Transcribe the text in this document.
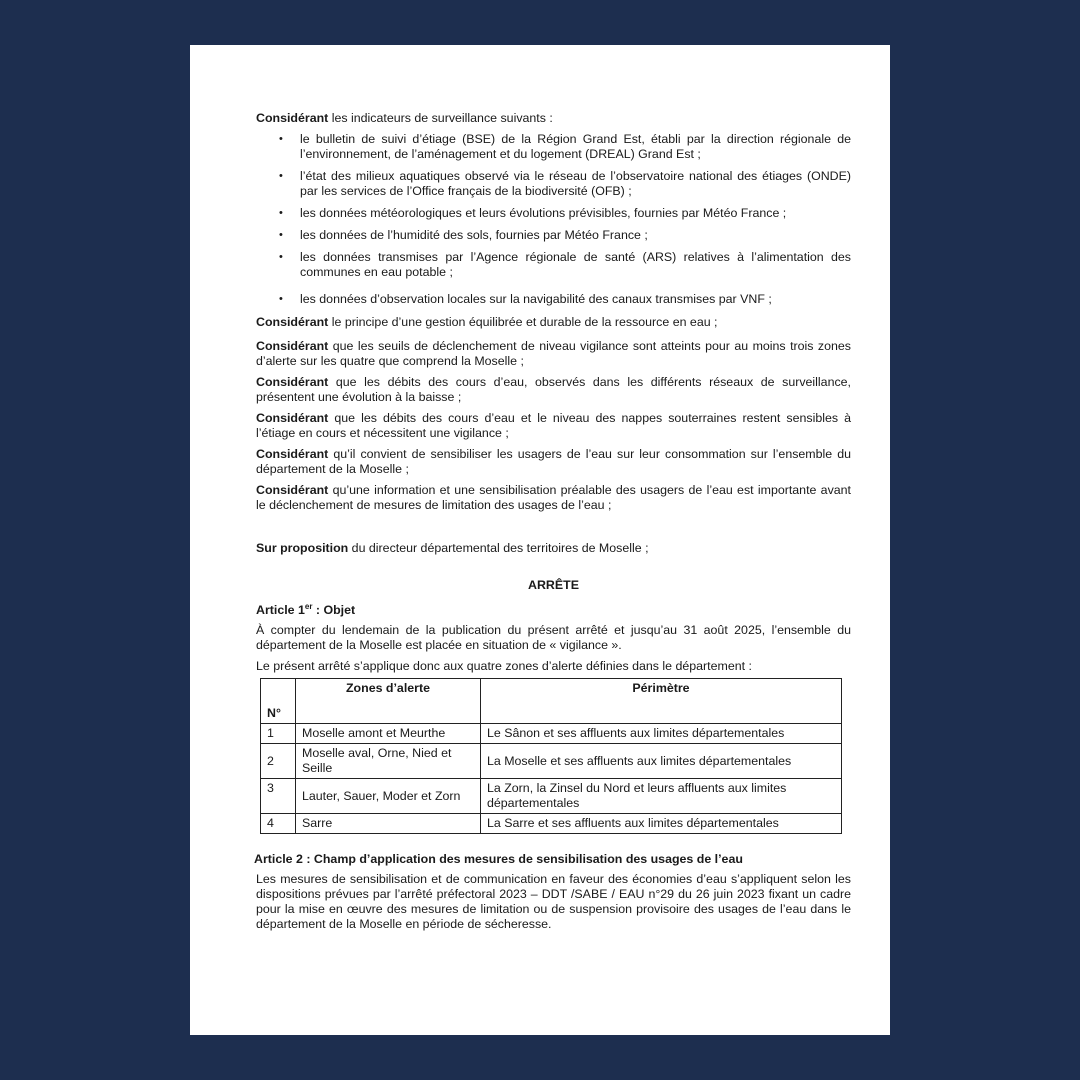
Considérant les indicateurs de surveillance suivants :

• le bulletin de suivi d’étiage (BSE) de la Région Grand Est, établi par la direction régionale de l’environnement, de l’aménagement et du logement (DREAL) Grand Est ;
• l’état des milieux aquatiques observé via le réseau de l’observatoire national des étiages (ONDE) par les services de l’Office français de la biodiversité (OFB) ;
• les données météorologiques et leurs évolutions prévisibles, fournies par Météo France ;
• les données de l’humidité des sols, fournies par Météo France ;
• les données transmises par l’Agence régionale de santé (ARS) relatives à l’alimentation des communes en eau potable ;
• les données d’observation locales sur la navigabilité des canaux transmises par VNF ;

Considérant le principe d’une gestion équilibrée et durable de la ressource en eau ;

Considérant que les seuils de déclenchement de niveau vigilance sont atteints pour au moins trois zones d’alerte sur les quatre que comprend la Moselle ;

Considérant que les débits des cours d’eau, observés dans les différents réseaux de surveillance, présentent une évolution à la baisse ;

Considérant que les débits des cours d’eau et le niveau des nappes souterraines restent sensibles à l’étiage en cours et nécessitent une vigilance ;

Considérant qu’il convient de sensibiliser les usagers de l’eau sur leur consommation sur l’ensemble du département de la Moselle ;

Considérant qu’une information et une sensibilisation préalable des usagers de l’eau est importante avant le déclenchement de mesures de limitation des usages de l’eau ;

Sur proposition du directeur départemental des territoires de Moselle ;

ARRÊTE
Article 1er : Objet

À compter du lendemain de la publication du présent arrêté et jusqu’au 31 août 2025, l’ensemble du département de la Moselle est placée en situation de « vigilance ».

Le présent arrêté s’applique donc aux quatre zones d’alerte définies dans le département :

N°	Zones d’alerte	Périmètre
1	Moselle amont et Meurthe	Le Sânon et ses affluents aux limites départementales
2	Moselle aval, Orne, Nied et Seille	La Moselle et ses affluents aux limites départementales
3	Lauter, Sauer, Moder et Zorn	La Zorn, la Zinsel du Nord et leurs affluents aux limites départementales
4	Sarre	La Sarre et ses affluents aux limites départementales
Article 2 : Champ d’application des mesures de sensibilisation des usages de l’eau

Les mesures de sensibilisation et de communication en faveur des économies d’eau s’appliquent selon les dispositions prévues par l’arrêté préfectoral 2023 – DDT /SABE / EAU n°29 du 26 juin 2023 fixant un cadre pour la mise en œuvre des mesures de limitation ou de suspension provisoire des usages de l’eau dans le département de la Moselle en période de sécheresse.
